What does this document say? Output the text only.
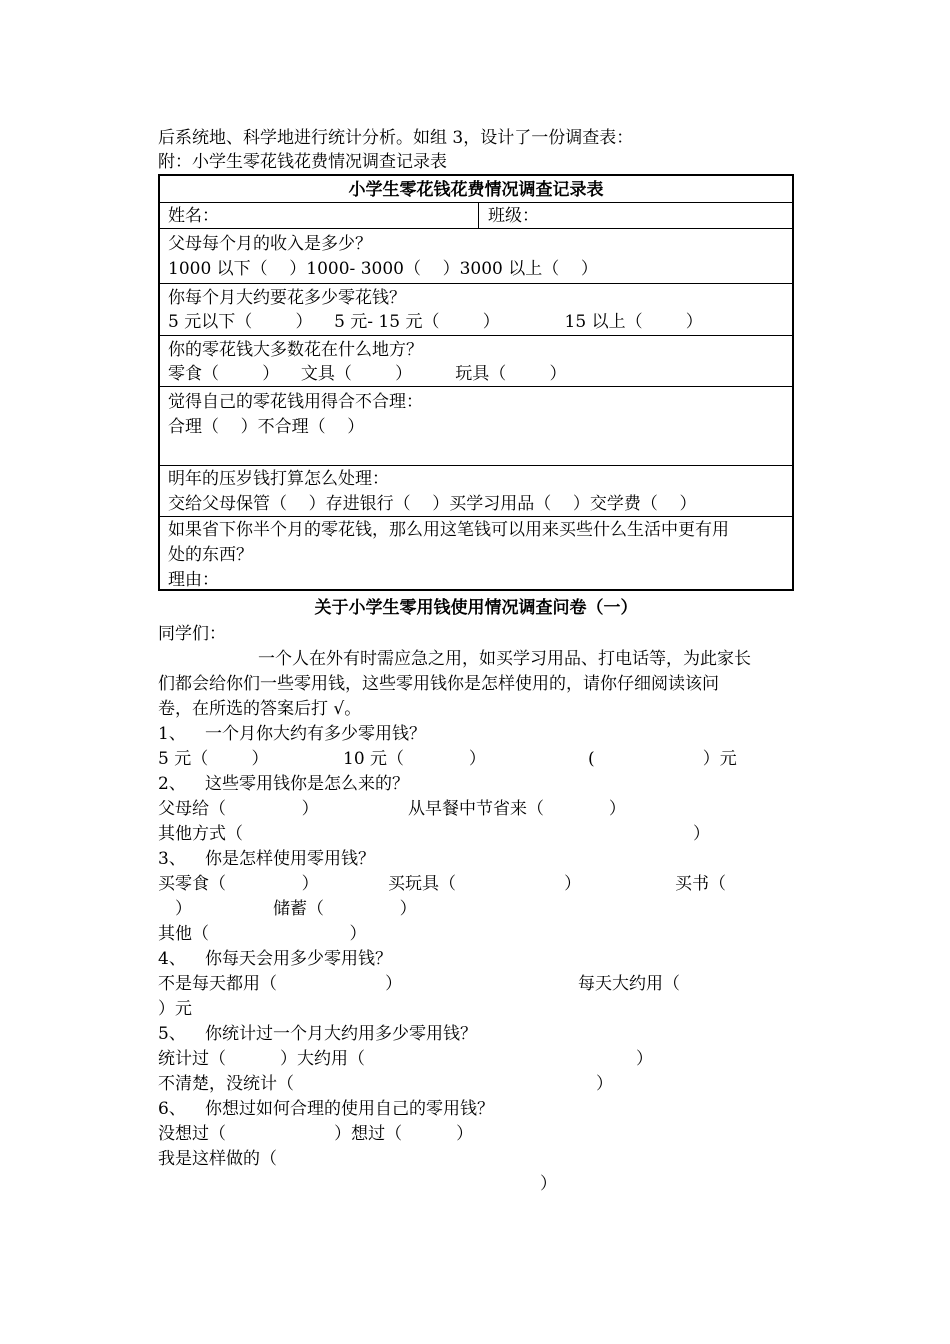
后系统地、科学地进行统计分析。如组 3，设计了一份调查表：
附：小学生零花钱花费情况调查记录表
小学生零花钱花费情况调查记录表
姓名：	班级：
父母每个月的收入是多少？
1000 以下（    ）1000- 3000（    ）3000 以上（    ）
你每个月大约要花多少零花钱？
5 元以下（        ）    5 元- 15 元（        ）            15 以上（        ）
你的零花钱大多数花在什么地方？
零食（        ）    文具（        ）        玩具（        ）
觉得自己的零花钱用得合不合理：
合理（    ）不合理（    ）
明年的压岁钱打算怎么处理：
交给父母保管（    ）存进银行（    ）买学习用品（    ）交学费（    ）
如果省下你半个月的零花钱，那么用这笔钱可以用来买些什么生活中更有用
处的东西？
理由：
关于小学生零用钱使用情况调查问卷（一）
同学们：
一个人在外有时需应急之用，如买学习用品、打电话等，为此家长
们都会给你们一些零用钱，这些零用钱你是怎样使用的，请你仔细阅读该问
卷，在所选的答案后打 √。
1、 一个月你大约有多少零用钱？
5 元（        ）	10 元（            ）	(                    ）元
2、 这些零用钱你是怎么来的？
父母给（              ）	从早餐中节省来（            ）
其他方式（	）
3、 你是怎样使用零用钱？
买零食（              ）	买玩具（                    ）	买书（
）	储蓄（              ）
其他（                          ）
4、 你每天会用多少零用钱？
不是每天都用（                    ）	每天大约用（
）元
5、 你统计过一个月大约用多少零用钱？
统计过（          ）大约用（	）
不清楚，没统计（	）
6、 你想过如何合理的使用自己的零用钱？
没想过（                    ）想过（          ）
我是这样做的（
）
